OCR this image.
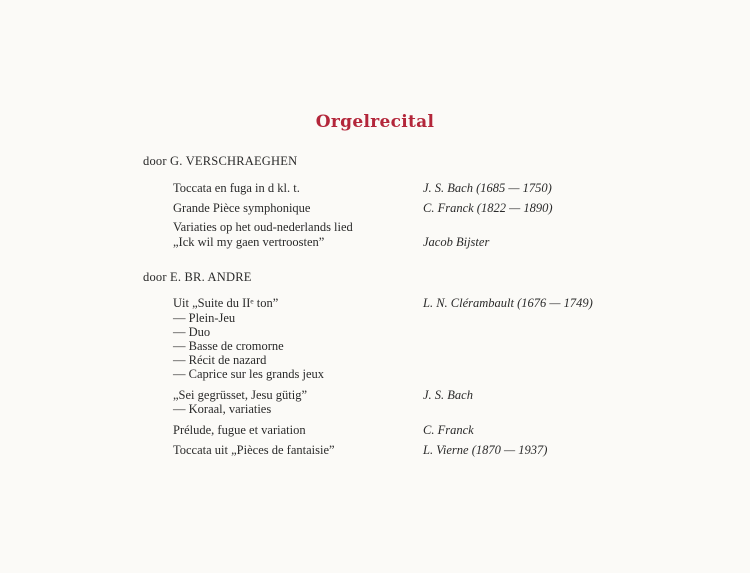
Orgelrecital
door G. VERSCHRAEGHEN
Toccata en fuga in d kl. t.	J. S. Bach (1685 — 1750)
Grande Pièce symphonique	C. Franck (1822 — 1890)
Variaties op het oud-nederlands lied
„Ick wil my gaen vertroosten”	Jacob Bijster
door E. BR. ANDRE
Uit „Suite du IIᵉ ton”	L. N. Clérambault (1676 — 1749)
— Plein-Jeu
— Duo
— Basse de cromorne
— Récit de nazard
— Caprice sur les grands jeux
„Sei gegrüsset, Jesu gütig”	J. S. Bach
— Koraal, variaties
Prélude, fugue et variation	C. Franck
Toccata uit „Pièces de fantaisie”	L. Vierne (1870 — 1937)
